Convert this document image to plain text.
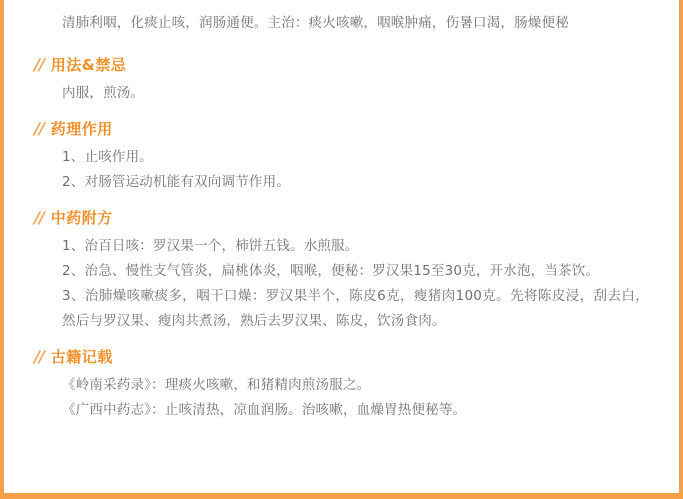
清肺利咽，化痰止咳，润肠通便。主治：痰火咳嗽，咽喉肿痛，伤暑口渴，肠燥便秘
// 用法&禁忌
内服，煎汤。
// 药理作用
1、止咳作用。
2、对肠管运动机能有双向调节作用。
// 中药附方
1、治百日咳：罗汉果一个，柿饼五钱。水煎服。
2、治急、慢性支气管炎，扁桃体炎，咽喉，便秘：罗汉果15至30克，开水泡，当茶饮。
3、治肺燥咳嗽痰多，咽干口燥：罗汉果半个，陈皮6克，瘦猪肉100克。先将陈皮浸，刮去白，然后与罗汉果、瘦肉共煮汤，熟后去罗汉果、陈皮，饮汤食肉。
// 古籍记载
《岭南采药录》：理痰火咳嗽，和猪精肉煎汤服之。
《广西中药志》：止咳清热，凉血润肠。治咳嗽，血燥胃热便秘等。
